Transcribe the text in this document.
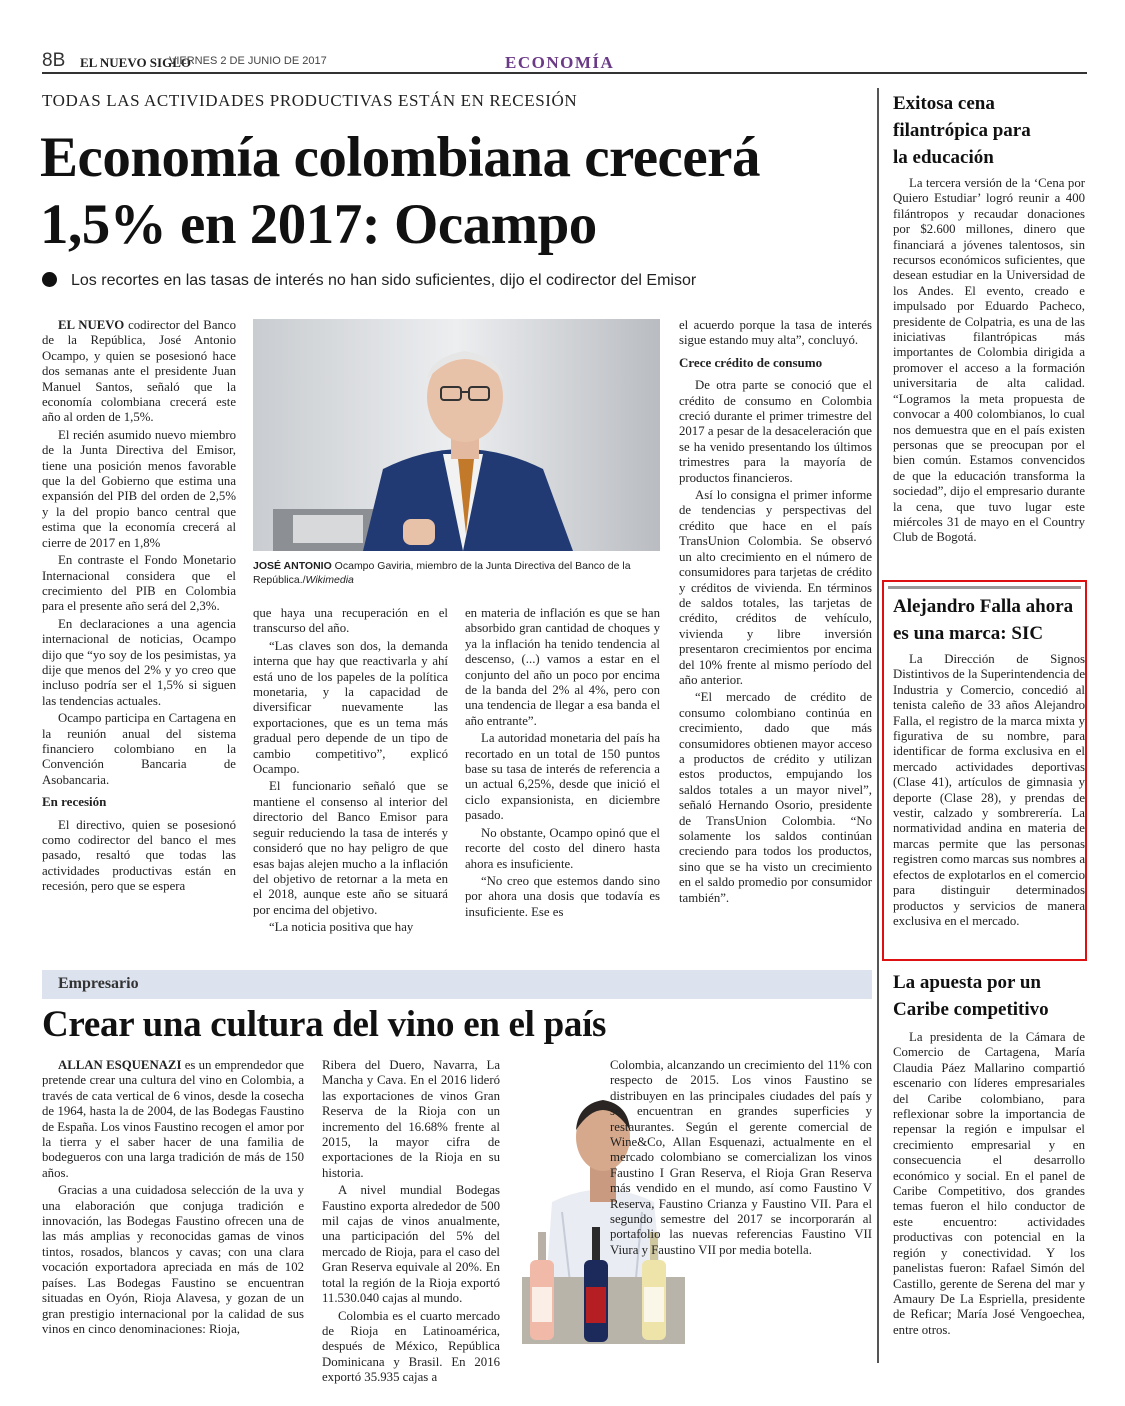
8B EL NUEVO SIGLO
VIERNES 2 DE JUNIO DE 2017	ECONOMÍA
TODAS LAS ACTIVIDADES PRODUCTIVAS ESTÁN EN RECESIÓN
Economía colombiana crecerá
1,5% en 2017: Ocampo
Los recortes en las tasas de interés no han sido suficientes, dijo el codirector del Emisor

EL NUEVO codirector del Banco de la República, José Antonio Ocampo, y quien se posesionó hace dos semanas ante el presidente Juan Manuel Santos, señaló que la economía colombiana crecerá este año al orden de 1,5%.

El recién asumido nuevo miembro de la Junta Directiva del Emisor, tiene una posición menos favorable que la del Gobierno que estima una expansión del PIB del orden de 2,5% y la del propio banco central que estima que la economía crecerá al cierre de 2017 en 1,8%

En contraste el Fondo Monetario Internacional considera que el crecimiento del PIB en Colombia para el presente año será del 2,3%.

En declaraciones a una agencia internacional de noticias, Ocampo dijo que “yo soy de los pesimistas, ya dije que menos del 2% y yo creo que incluso podría ser el 1,5% si siguen las tendencias actuales.

Ocampo participa en Cartagena en la reunión anual del sistema financiero colombiano en la Convención Bancaria de Asobancaria.

En recesión

El directivo, quien se posesionó como codirector del banco el mes pasado, resaltó que todas las actividades productivas están en recesión, pero que se espera

JOSÉ ANTONIO Ocampo Gaviria, miembro de la Junta Directiva del Banco de la República./Wikimedia

que haya una recuperación en el transcurso del año.

“Las claves son dos, la demanda interna que hay que reactivarla y ahí está uno de los papeles de la política monetaria, y la capacidad de diversificar nuevamente las exportaciones, que es un tema más gradual pero depende de un tipo de cambio competitivo”, explicó Ocampo.

El funcionario señaló que se mantiene el consenso al interior del directorio del Banco Emisor para seguir reduciendo la tasa de interés y consideró que no hay peligro de que esas bajas alejen mucho a la inflación del objetivo de retornar a la meta en el 2018, aunque este año se situará por encima del objetivo.

“La noticia positiva que hay

en materia de inflación es que se han absorbido gran cantidad de choques y ya la inflación ha tenido tendencia al descenso, (...) vamos a estar en el conjunto del año un poco por encima de la banda del 2% al 4%, pero con una tendencia de llegar a esa banda el año entrante”.

La autoridad monetaria del país ha recortado en un total de 150 puntos base su tasa de interés de referencia a un actual 6,25%, desde que inició el ciclo expansionista, en diciembre pasado.

No obstante, Ocampo opinó que el recorte del costo del dinero hasta ahora es insuficiente.

“No creo que estemos dando sino por ahora una dosis que todavía es insuficiente. Ese es

el acuerdo porque la tasa de interés sigue estando muy alta”, concluyó.

Crece crédito de consumo

De otra parte se conoció que el crédito de consumo en Colombia creció durante el primer trimestre del 2017 a pesar de la desaceleración que se ha venido presentando los últimos trimestres para la mayoría de productos financieros.

Así lo consigna el primer informe de tendencias y perspectivas del crédito que hace en el país TransUnion Colombia. Se observó un alto crecimiento en el número de consumidores para tarjetas de crédito y créditos de vivienda. En términos de saldos totales, las tarjetas de crédito, créditos de vehículo, vivienda y libre inversión presentaron crecimientos por encima del 10% frente al mismo período del año anterior.

“El mercado de crédito de consumo colombiano continúa en crecimiento, dado que más consumidores obtienen mayor acceso a productos de crédito y utilizan estos productos, empujando los saldos totales a un mayor nivel”, señaló Hernando Osorio, presidente de TransUnion Colombia. “No solamente los saldos continúan creciendo para todos los productos, sino que se ha visto un crecimiento en el saldo promedio por consumidor también”.

Exitosa cena
filantrópica para
la educación
La tercera versión de la ‘Cena por Quiero Estudiar’ logró reunir a 400 filántropos y recaudar donaciones por $2.600 millones, dinero que financiará a jóvenes talentosos, sin recursos económicos suficientes, que desean estudiar en la Universidad de los Andes. El evento, creado e impulsado por Eduardo Pacheco, presidente de Colpatria, es una de las iniciativas filantrópicas más importantes de Colombia dirigida a promover el acceso a la formación universitaria de alta calidad. “Logramos la meta propuesta de convocar a 400 colombianos, lo cual nos demuestra que en el país existen personas que se preocupan por el bien común. Estamos convencidos de que la educación transforma la sociedad”, dijo el empresario durante la cena, que tuvo lugar este miércoles 31 de mayo en el Country Club de Bogotá.
Alejandro Falla ahora
es una marca: SIC
La Dirección de Signos Distintivos de la Superintendencia de Industria y Comercio, concedió al tenista caleño de 33 años Alejandro Falla, el registro de la marca mixta y figurativa de su nombre, para identificar de forma exclusiva en el mercado actividades deportivas (Clase 41), artículos de gimnasia y deporte (Clase 28), y prendas de vestir, calzado y sombrerería. La normatividad andina en materia de marcas permite que las personas registren como marcas sus nombres a efectos de explotarlos en el comercio para distinguir determinados productos y servicios de manera exclusiva en el mercado.
La apuesta por un
Caribe competitivo
La presidenta de la Cámara de Comercio de Cartagena, María Claudia Páez Mallarino compartió escenario con líderes empresariales del Caribe colombiano, para reflexionar sobre la importancia de repensar la región e impulsar el crecimiento empresarial y en consecuencia el desarrollo económico y social. En el panel de Caribe Competitivo, dos grandes temas fueron el hilo conductor de este encuentro: actividades productivas con potencial en la región y conectividad. Y los panelistas fueron: Rafael Simón del Castillo, gerente de Serena del mar y Amaury De La Espriella, presidente de Reficar; María José Vengoechea, entre otros.
Empresario
Crear una cultura del vino en el país

ALLAN ESQUENAZI es un emprendedor que pretende crear una cultura del vino en Colombia, a través de cata vertical de 6 vinos, desde la cosecha de 1964, hasta la de 2004, de las Bodegas Faustino de España. Los vinos Faustino recogen el amor por la tierra y el saber hacer de una familia de bodegueros con una larga tradición de más de 150 años.

Gracias a una cuidadosa selección de la uva y una elaboración que conjuga tradición e innovación, las Bodegas Faustino ofrecen una de las más amplias y reconocidas gamas de vinos tintos, rosados, blancos y cavas; con una clara vocación exportadora apreciada en más de 102 países. Las Bodegas Faustino se encuentran situadas en Oyón, Rioja Alavesa, y gozan de un gran prestigio internacional por la calidad de sus vinos en cinco denominaciones: Rioja,

Ribera del Duero, Navarra, La Mancha y Cava. En el 2016 lideró las exportaciones de vinos Gran Reserva de la Rioja con un incremento del 16.68% frente al 2015, la mayor cifra de exportaciones de la Rioja en su historia.

A nivel mundial Bodegas Faustino exporta alrededor de 500 mil cajas de vinos anualmente, una participación del 5% del mercado de Rioja, para el caso del Gran Reserva equivale al 20%. En total la región de la Rioja exportó 11.530.040 cajas al mundo.

Colombia es el cuarto mercado de Rioja en Latinoamérica, después de México, República Dominicana y Brasil. En 2016 exportó 35.935 cajas a

Colombia, alcanzando un crecimiento del 11% con respecto de 2015. Los vinos Faustino se distribuyen en las principales ciudades del país y se encuentran en grandes superficies y restaurantes. Según el gerente comercial de Wine&Co, Allan Esquenazi, actualmente en el mercado colombiano se comercializan los vinos Faustino I Gran Reserva, el Rioja Gran Reserva más vendido en el mundo, así como Faustino V Reserva, Faustino Crianza y Faustino VII. Para el segundo semestre del 2017 se incorporarán al portafolio las nuevas referencias Faustino VII Viura y Faustino VII por media botella.
